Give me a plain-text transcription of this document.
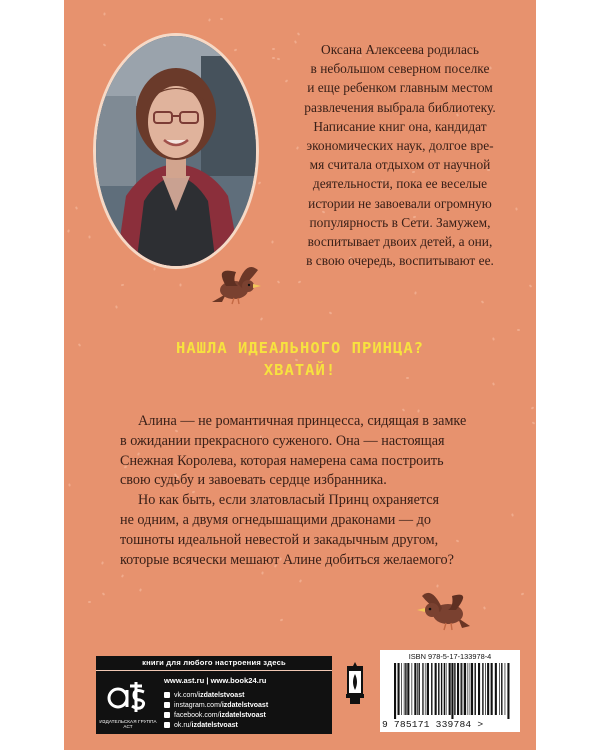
Оксана Алексеева родилась
в небольшом северном поселке
и еще ребенком главным местом
развлечения выбрала библиотеку.
Написание книг она, кандидат
экономических наук, долгое вре-
мя считала отдыхом от научной
деятельности, пока ее веселые
истории не завоевали огромную
популярность в Сети. Замужем,
воспитывает двоих детей, а они,
в свою очередь, воспитывают ее.
НАШЛА ИДЕАЛЬНОГО ПРИНЦА?
ХВАТАЙ!
Алина — не романтичная принцесса, сидящая в замке
в ожидании прекрасного суженого. Она — настоящая
Снежная Королева, которая намерена сама построить
свою судьбу и завоевать сердце избранника.
Но как быть, если златовласый Принц охраняется
не одним, а двумя огнедышащими драконами — до
тошноты идеальной невестой и закадычным другом,
которые всячески мешают Алине добиться желаемого?
книги для любого настроения здесь
ИЗДАТЕЛЬСКАЯ ГРУППА АСТ
www.ast.ru | www.book24.ru
vk.com/ izdatelstvoast
instagram.com/ izdatelstvoast
facebook.com/ izdatelstvoast
ok.ru/ izdatelstvoast
ISBN 978-5-17-133978-4
9 785171 339784 >
